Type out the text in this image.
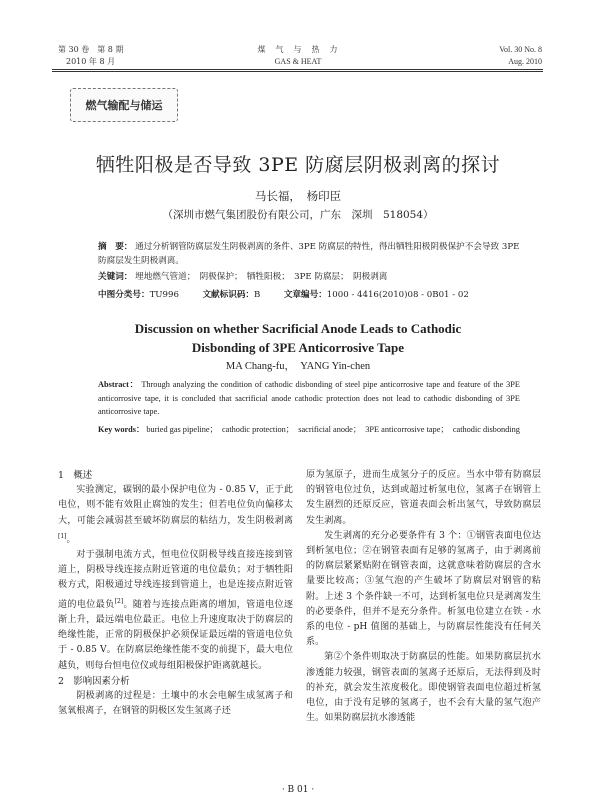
第 30 卷　第 8 期
2010 年 8 月
煤　气　与　热　力
GAS & HEAT
Vol. 30 No. 8
Aug. 2010
燃气输配与储运
牺牲阳极是否导致 3PE 防腐层阴极剥离的探讨
马长福，　杨印臣
（深圳市燃气集团股份有限公司，广东　深圳　518054）
摘　要： 通过分析钢管防腐层发生阴极剥离的条件、3PE 防腐层的特性，得出牺牲阳极阴极保护不会导致 3PE 防腐层发生阴极剥离。
关键词： 埋地燃气管道；　阴极保护；　牺牲阳极；　3PE 防腐层；　阴极剥离
中图分类号：TU996	文献标识码：B	文章编号：1000 - 4416(2010)08 - 0B01 - 02
Discussion on whether Sacrificial Anode Leads to Cathodic
Disbonding of 3PE Anticorrosive Tape
MA Chang-fu，　YANG Yin-chen
Abstract： Through analyzing the condition of cathodic disbonding of steel pipe anticorrosive tape and feature of the 3PE anticorrosive tape, it is concluded that sacrificial anode cathodic protection does not lead to cathodic disbonding of 3PE anticorrosive tape.
Key words： buried gas pipeline；　cathodic protection；　sacrificial anode；　3PE anticorrosive tape；　cathodic disbonding
1　概述

实验测定，碳钢的最小保护电位为 - 0.85 V，正于此电位，则不能有效阻止腐蚀的发生；但若电位负向偏移太大，可能会减弱甚至破坏防腐层的粘结力，发生阴极剥离[1]。

对于强制电流方式，恒电位仪阴极导线直接连接到管道上，阴极导线连接点附近管道的电位最负；对于牺牲阳极方式，阳极通过导线连接到管道上，也是连接点附近管道的电位最负[2]。随着与连接点距离的增加，管道电位逐渐上升，最远端电位最正。电位上升速度取决于防腐层的绝缘性能，正常的阴极保护必须保证最远端的管道电位负于 - 0.85 V。在防腐层绝缘性能不变的前提下，最大电位越负，则每台恒电位仪或每组阳极保护距离就越长。

2　影响因素分析

阴极剥离的过程是：土壤中的水会电解生成氢离子和氢氧根离子，在钢管的阴极区发生氢离子还

原为氢原子，进而生成氢分子的反应。当水中带有防腐层的钢管电位过负，达到或超过析氢电位，氢离子在钢管上发生剧烈的还原反应，管道表面会析出氢气，导致防腐层发生剥离。

发生剥离的充分必要条件有 3 个：①钢管表面电位达到析氢电位；②在钢管表面有足够的氢离子，由于剥离前的防腐层紧紧贴附在钢管表面，这就意味着防腐层的含水量要比较高；③氢气泡的产生破坏了防腐层对钢管的粘附。上述 3 个条件缺一不可，达到析氢电位只是剥离发生的必要条件，但并不是充分条件。析氢电位建立在铁 - 水系的电位 - pH 值图的基础上，与防腐层性能没有任何关系。

第②个条件则取决于防腐层的性能。如果防腐层抗水渗透能力较强，钢管表面的氢离子还原后，无法得到及时的补充，就会发生浓度极化。即使钢管表面电位超过析氢电位，由于没有足够的氢离子，也不会有大量的氢气泡产生。如果防腐层抗水渗透能

· B 01 ·
